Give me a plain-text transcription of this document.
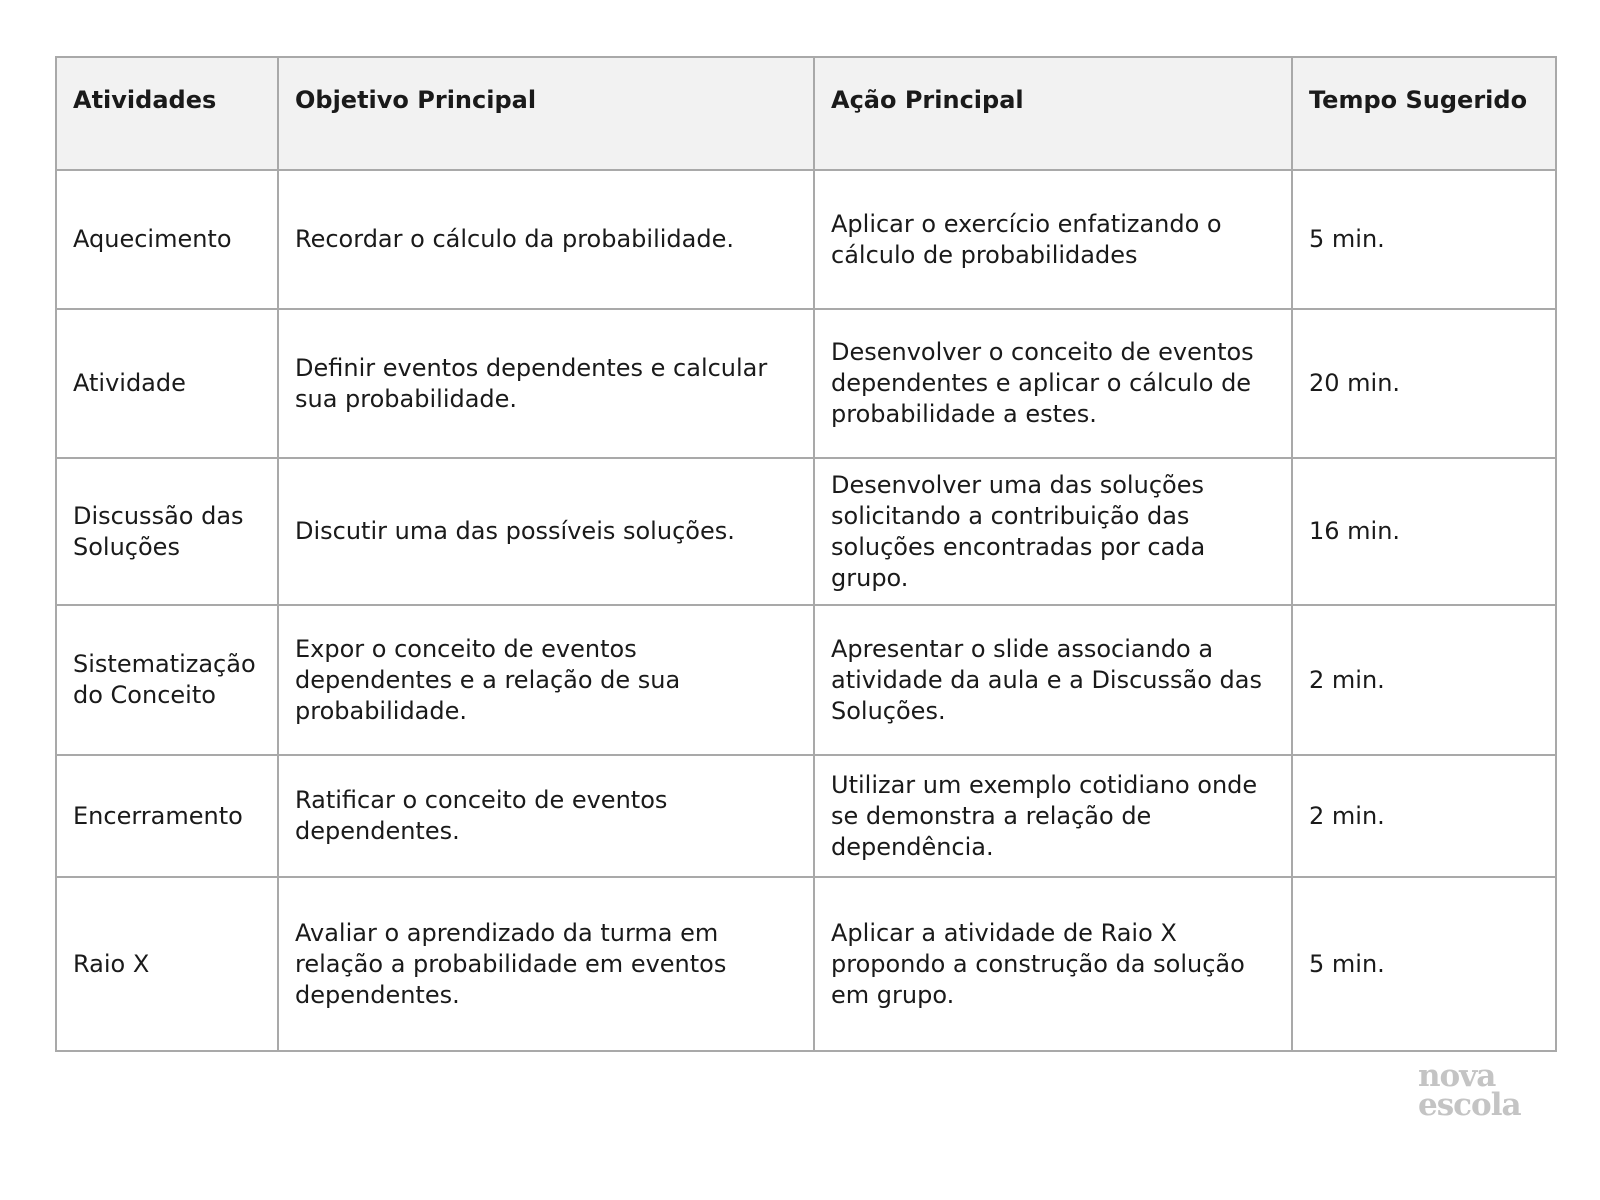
Atividades	Objetivo Principal	Ação Principal	Tempo Sugerido
Aquecimento	Recordar o cálculo da probabilidade.	Aplicar o exercício enfatizando o cálculo de probabilidades	5 min.
Atividade	Definir eventos dependentes e calcular sua probabilidade.	Desenvolver o conceito de eventos dependentes e aplicar o cálculo de probabilidade a estes.	20 min.
Discussão das Soluções	Discutir uma das possíveis soluções.	Desenvolver uma das soluções solicitando a contribuição das soluções encontradas por cada grupo.	16 min.
Sistematização do Conceito	Expor o conceito de eventos dependentes e a relação de sua probabilidade.	Apresentar o slide associando a atividade da aula e a Discussão das Soluções.	2 min.
Encerramento	Ratificar o conceito de eventos dependentes.	Utilizar um exemplo cotidiano onde se demonstra a relação de dependência.	2 min.
Raio X	Avaliar o aprendizado da turma em relação a probabilidade em eventos dependentes.	Aplicar a atividade de Raio X propondo a construção da solução em grupo.	5 min.
nova
escola
